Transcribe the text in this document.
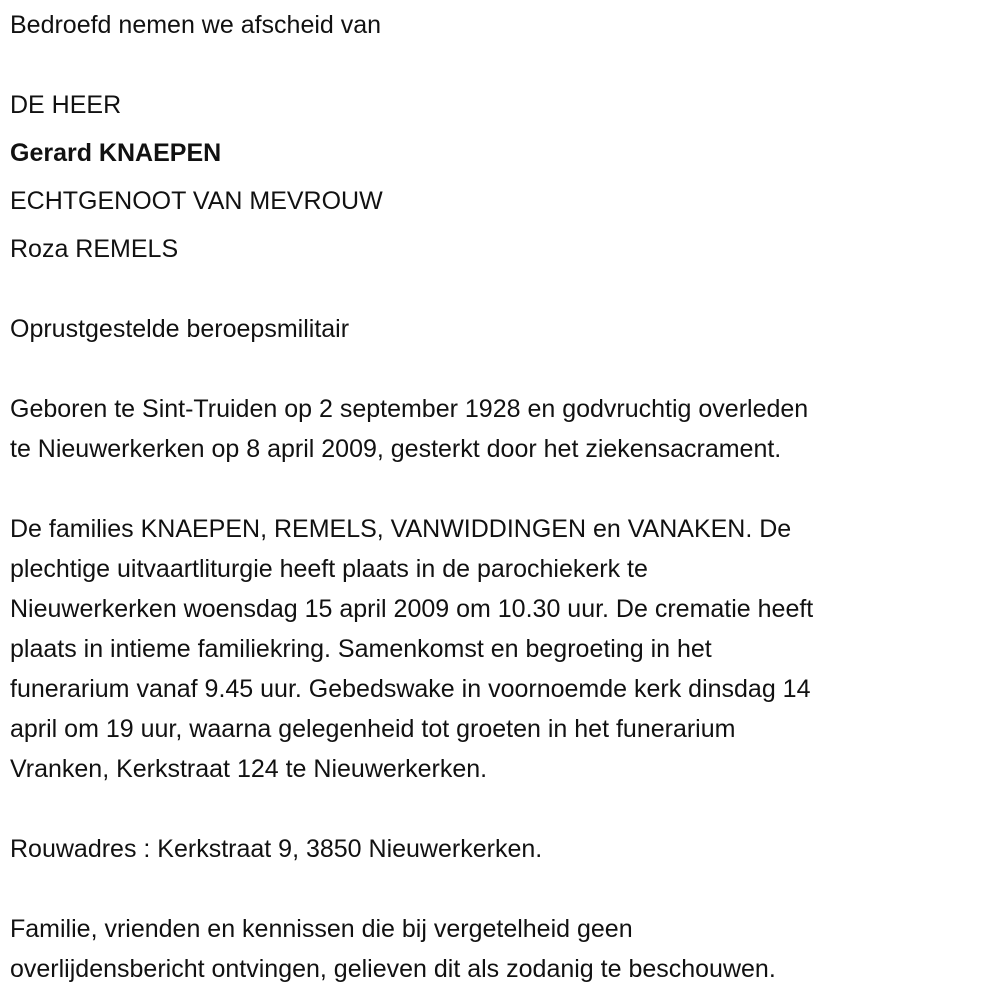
Bedroefd nemen we afscheid van
DE HEER
Gerard KNAEPEN
ECHTGENOOT VAN MEVROUW
Roza REMELS
Oprustgestelde beroepsmilitair
Geboren te Sint-Truiden op 2 september 1928 en godvruchtig overleden
te Nieuwerkerken op 8 april 2009, gesterkt door het ziekensacrament.
De families KNAEPEN, REMELS, VANWIDDINGEN en VANAKEN. De
plechtige uitvaartliturgie heeft plaats in de parochiekerk te
Nieuwerkerken woensdag 15 april 2009 om 10.30 uur. De crematie heeft
plaats in intieme familiekring. Samenkomst en begroeting in het
funerarium vanaf 9.45 uur. Gebedswake in voornoemde kerk dinsdag 14
april om 19 uur, waarna gelegenheid tot groeten in het funerarium
Vranken, Kerkstraat 124 te Nieuwerkerken.
Rouwadres : Kerkstraat 9, 3850 Nieuwerkerken.
Familie, vrienden en kennissen die bij vergetelheid geen
overlijdensbericht ontvingen, gelieven dit als zodanig te beschouwen.
